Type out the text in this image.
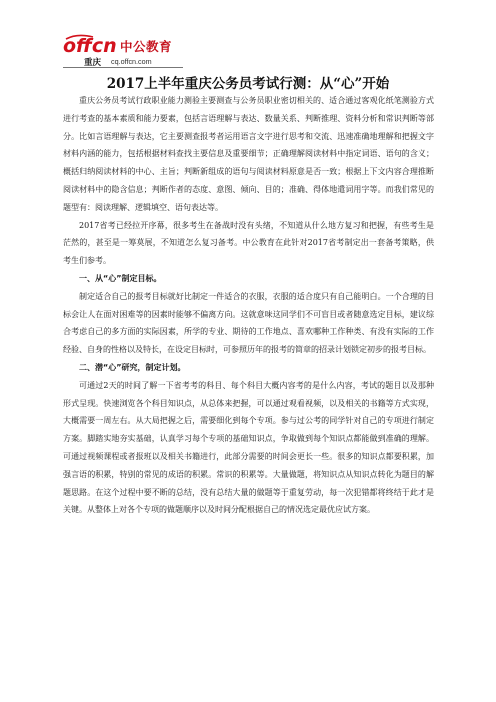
offcn 中公教育
重庆 cq.offcn.com
2017上半年重庆公务员考试行测：从“心”开始

重庆公务员考试行政职业能力测验主要测查与公务员职业密切相关的、适合通过客观化纸笔测验方式进行考查的基本素质和能力要素，包括言语理解与表达、数量关系、判断推理、资料分析和常识判断等部分。比如言语理解与表达，它主要测查报考者运用语言文字进行思考和交流、迅速准确地理解和把握文字材料内涵的能力，包括根据材料查找主要信息及重要细节；正确理解阅读材料中指定词语、语句的含义；概括归纳阅读材料的中心、主旨；判断新组成的语句与阅读材料原意是否一致；根据上下文内容合理推断阅读材料中的隐含信息；判断作者的态度、意图、倾向、目的；准确、得体地遣词用字等。而我们常见的题型有：阅读理解、逻辑填空、语句表达等。

2017省考已经拉开序幕，很多考生在备战时没有头绪，不知道从什么地方复习和把握，有些考生是茫然的，甚至是一筹莫展，不知道怎么复习备考。中公教育在此针对2017省考制定出一套备考策略，供考生们参考。

一、从“心”制定目标。

制定适合自己的报考目标就好比制定一件适合的衣服，衣服的适合度只有自己能明白。一个合理的目标会让人在面对困难等的因素时能够不偏离方向。这就意味这同学们不可盲目或者随意选定目标，建议综合考虑自己的多方面的实际因素，所学的专业、期待的工作地点、喜欢哪种工作种类、有没有实际的工作经验、自身的性格以及特长，在设定目标时，可参照历年的报考的简章的招录计划锁定初步的报考目标。

二、潜“心”研究，制定计划。

可通过2天的时间了解一下省考考的科目、每个科目大概内容考的是什么内容，考试的题目以及那种形式呈现。快速浏览各个科目知识点，从总体来把握，可以通过观看视频，以及相关的书籍等方式实现，大概需要一周左右。从大局把握之后，需要细化到每个专项。参与过公考的同学针对自己的专项进行制定方案。脚踏实地夯实基础，认真学习每个专项的基础知识点，争取做到每个知识点都能做到准确的理解。可通过视频课程或者报班以及相关书籍进行，此部分需要的时间会更长一些。很多的知识点都要积累，加强言语的积累，特别的常见的成语的积累。常识的积累等。大量做题，将知识点从知识点转化为题目的解题思路。在这个过程中要不断的总结，没有总结大量的做题等于重复劳动，每一次犯错都将终结于此才是关键。从整体上对各个专项的做题顺序以及时间分配根据自己的情况选定最优应试方案。
